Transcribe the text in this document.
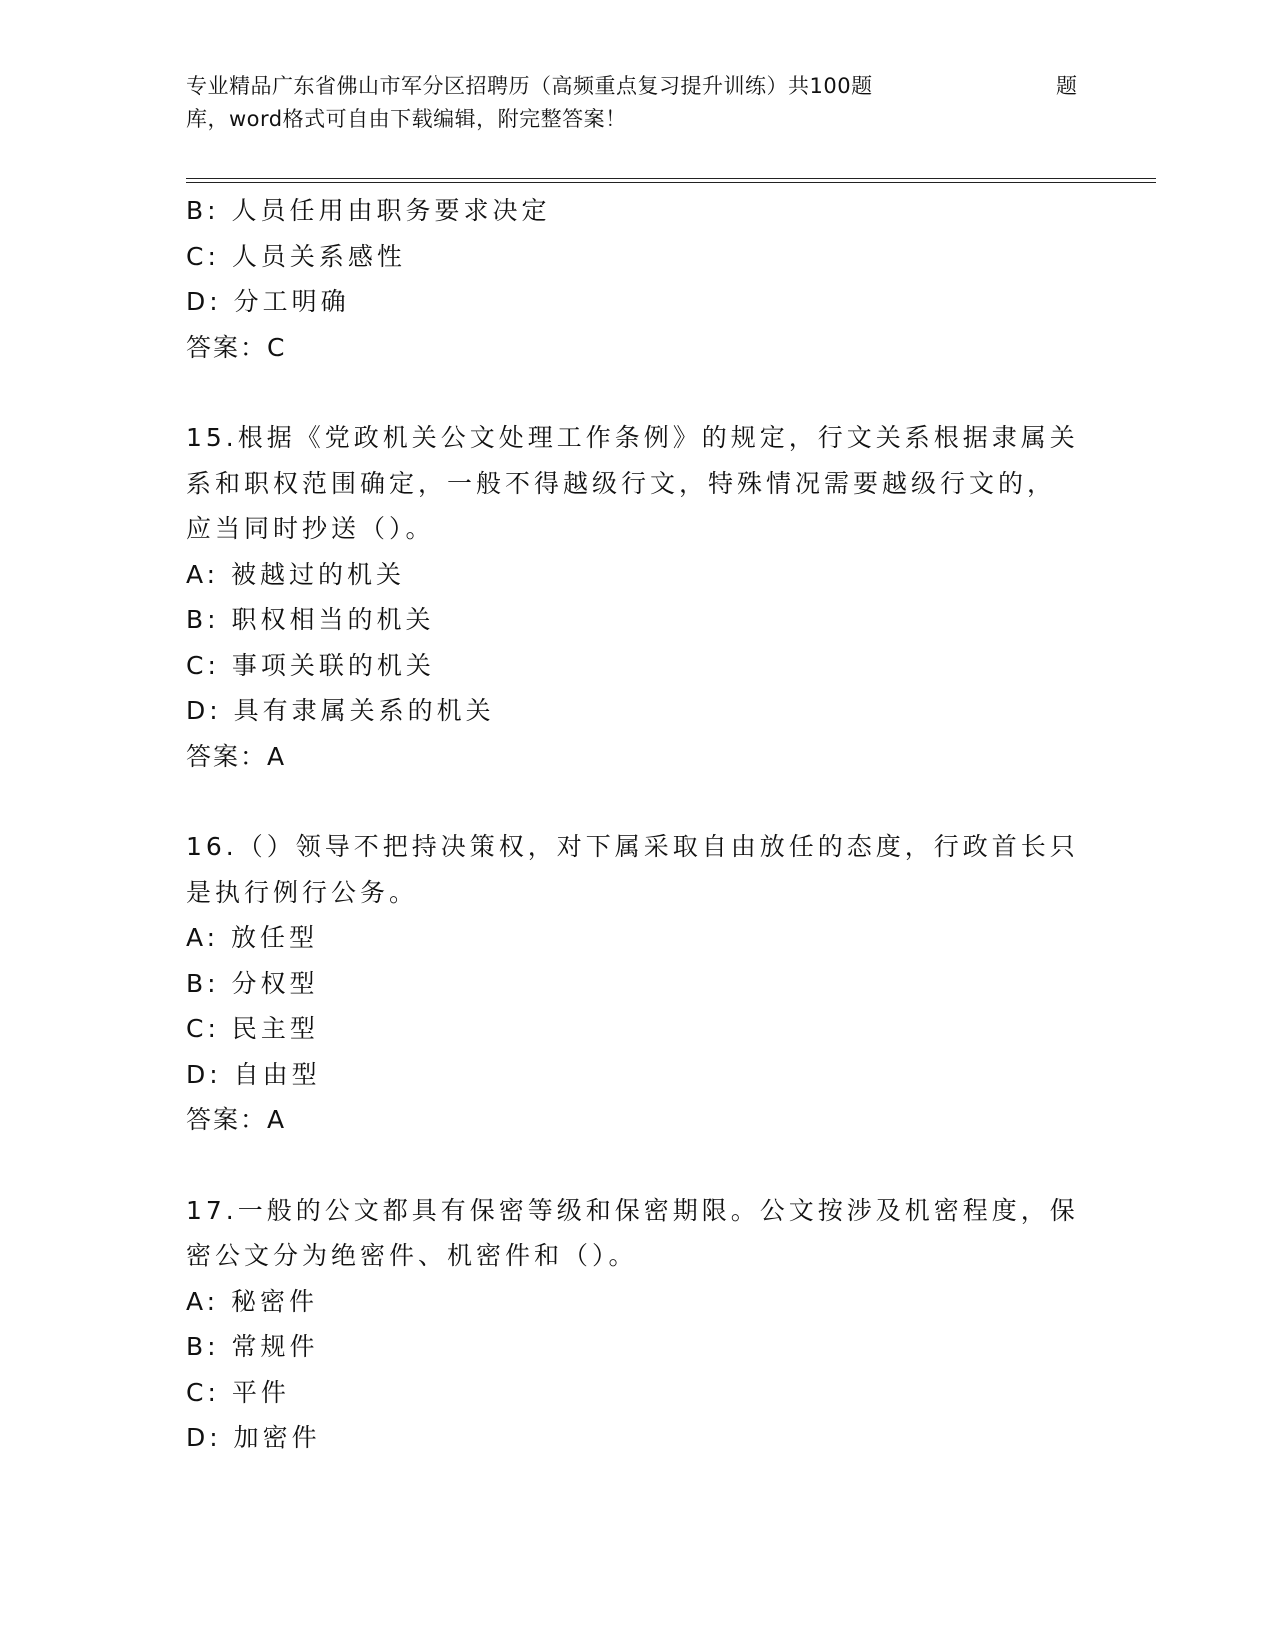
专业精品广东省佛山市军分区招聘历（高频重点复习提升训练）共100题	题
库，word格式可自由下载编辑，附完整答案！
B: 人员任用由职务要求决定
C: 人员关系感性
D: 分工明确
答案：C
15.根据《党政机关公文处理工作条例》的规定，行文关系根据隶属关
系和职权范围确定，一般不得越级行文，特殊情况需要越级行文的，
应当同时抄送（）。
A: 被越过的机关
B: 职权相当的机关
C: 事项关联的机关
D: 具有隶属关系的机关
答案：A
16.（）领导不把持决策权，对下属采取自由放任的态度，行政首长只
是执行例行公务。
A: 放任型
B: 分权型
C: 民主型
D: 自由型
答案：A
17.一般的公文都具有保密等级和保密期限。公文按涉及机密程度，保
密公文分为绝密件、机密件和（）。
A: 秘密件
B: 常规件
C: 平件
D: 加密件
